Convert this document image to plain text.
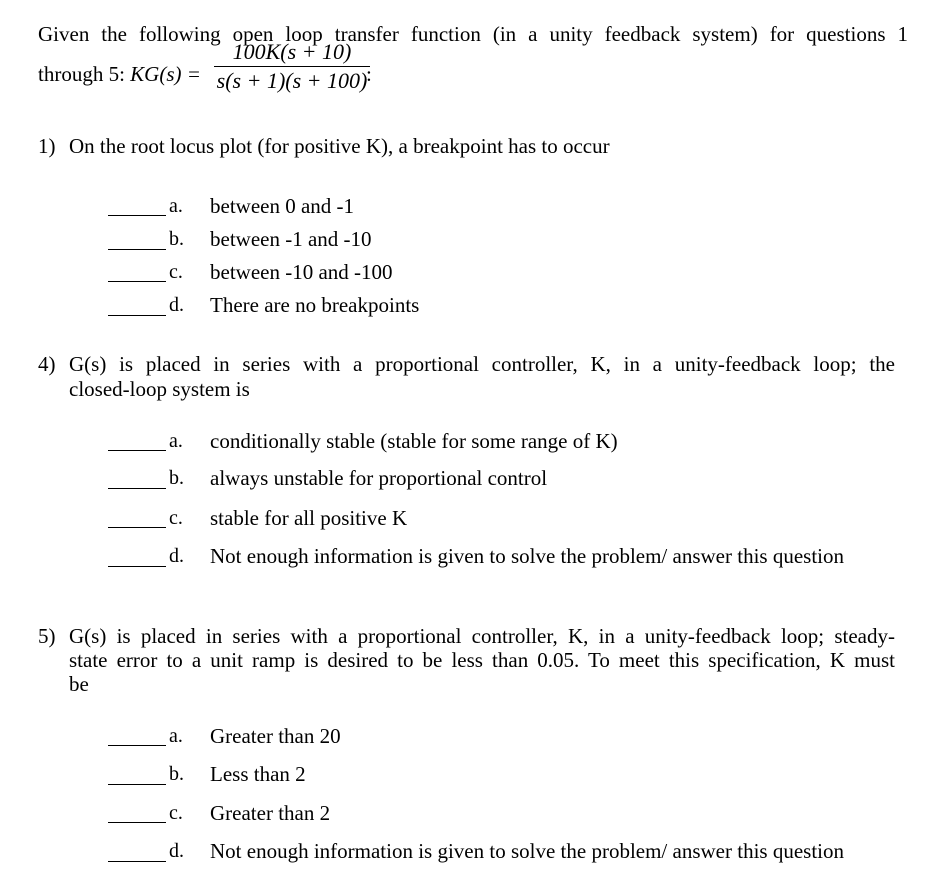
Given the following open loop transfer function (in a unity feedback system) for questions 1
through 5: KG(s) =
100K(s + 10)
s(s + 1)(s + 100)
:
1) On the root locus plot (for positive K), a breakpoint has to occur
a. between 0 and -1
b. between -1 and -10
c. between -10 and -100
d. There are no breakpoints
4) G(s) is placed in series with a proportional controller, K, in a unity-feedback loop; the
closed-loop system is
a. conditionally stable (stable for some range of K)
b. always unstable for proportional control
c. stable for all positive K
d. Not enough information is given to solve the problem/ answer this question
5) G(s) is placed in series with a proportional controller, K, in a unity-feedback loop; steady-
state error to a unit ramp is desired to be less than 0.05. To meet this specification, K must
be
a. Greater than 20
b. Less than 2
c. Greater than 2
d. Not enough information is given to solve the problem/ answer this question
